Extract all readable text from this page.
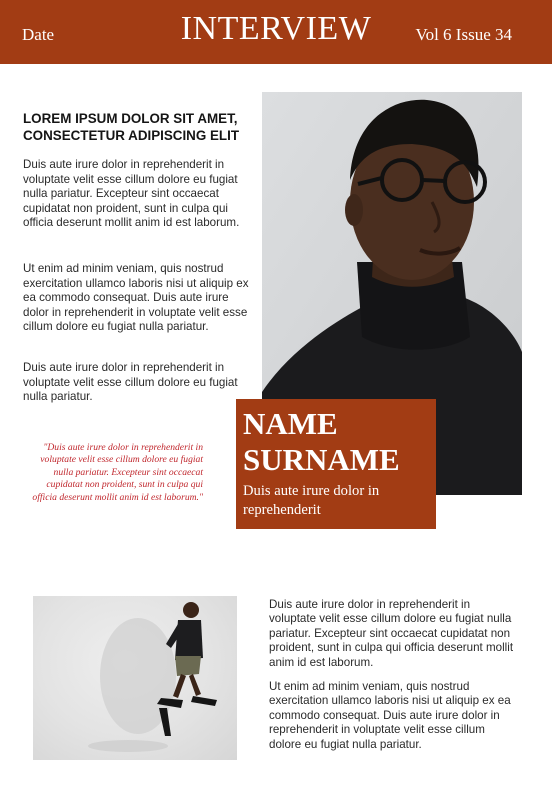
Date	INTERVIEW	Vol 6 Issue 34
LOREM IPSUM DOLOR SIT AMET, CONSECTETUR ADIPISCING ELIT
Duis aute irure dolor in reprehenderit in voluptate velit esse cillum dolore eu fugiat nulla pariatur. Excepteur sint occaecat cupidatat non proident, sunt in culpa qui officia deserunt mollit anim id est laborum.
Ut enim ad minim veniam, quis nostrud exercitation ullamco laboris nisi ut aliquip ex ea commodo consequat. Duis aute irure dolor in reprehenderit in voluptate velit esse cillum dolore eu fugiat nulla pariatur.
Duis aute irure dolor in reprehenderit in voluptate velit esse cillum dolore eu fugiat nulla pariatur.
"Duis aute irure dolor in reprehenderit in voluptate velit esse cillum dolore eu fugiat nulla pariatur. Excepteur sint occaecat cupidatat non proident, sunt in culpa qui officia deserunt mollit anim id est laborum."
NAME
SURNAME
Duis aute irure dolor in reprehenderit
Duis aute irure dolor in reprehenderit in voluptate velit esse cillum dolore eu fugiat nulla pariatur. Excepteur sint occaecat cupidatat non proident, sunt in culpa qui officia deserunt mollit anim id est laborum.
Ut enim ad minim veniam, quis nostrud exercitation ullamco laboris nisi ut aliquip ex ea commodo consequat. Duis aute irure dolor in reprehenderit in voluptate velit esse cillum dolore eu fugiat nulla pariatur.
